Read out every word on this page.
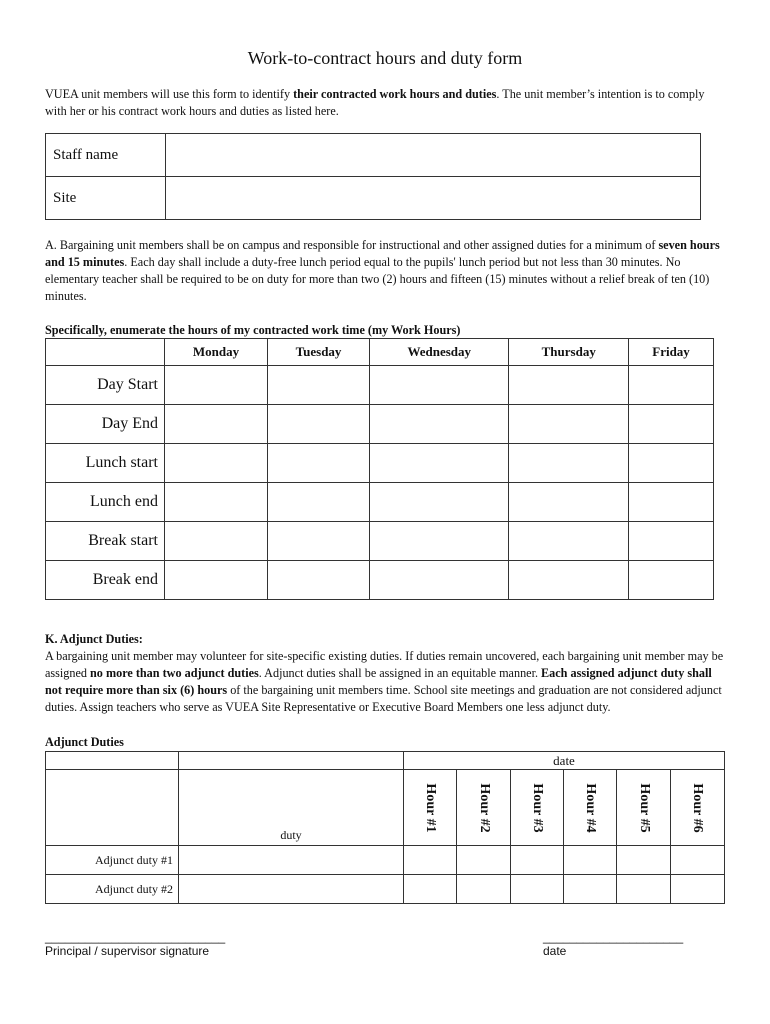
Work-to-contract hours and duty form
VUEA unit members will use this form to identify their contracted work hours and duties. The unit member’s intention is to comply with her or his contract work hours and duties as listed here.
Staff name	
Site	
A. Bargaining unit members shall be on campus and responsible for instructional and other assigned duties for a minimum of seven hours and 15 minutes. Each day shall include a duty-free lunch period equal to the pupils' lunch period but not less than 30 minutes. No elementary teacher shall be required to be on duty for more than two (2) hours and fifteen (15) minutes without a relief break of ten (10) minutes.
Specifically, enumerate the hours of my contracted work time (my Work Hours)
	Monday	Tuesday	Wednesday	Thursday	Friday
Day Start					
Day End					
Lunch start					
Lunch end					
Break start					
Break end					
K. Adjunct Duties:
A bargaining unit member may volunteer for site-specific existing duties. If duties remain uncovered, each bargaining unit member may be assigned no more than two adjunct duties. Adjunct duties shall be assigned in an equitable manner. Each assigned adjunct duty shall not require more than six (6) hours of the bargaining unit members time. School site meetings and graduation are not considered adjunct duties. Assign teachers who serve as VUEA Site Representative or Executive Board Members one less adjunct duty.
Adjunct Duties
		date					
	duty	Hour #1	Hour #2	Hour #3	Hour #4	Hour #5	Hour #6

Adjunct duty #1							
Adjunct duty #2							
___________________________
Principal / supervisor signature
_____________________
date
